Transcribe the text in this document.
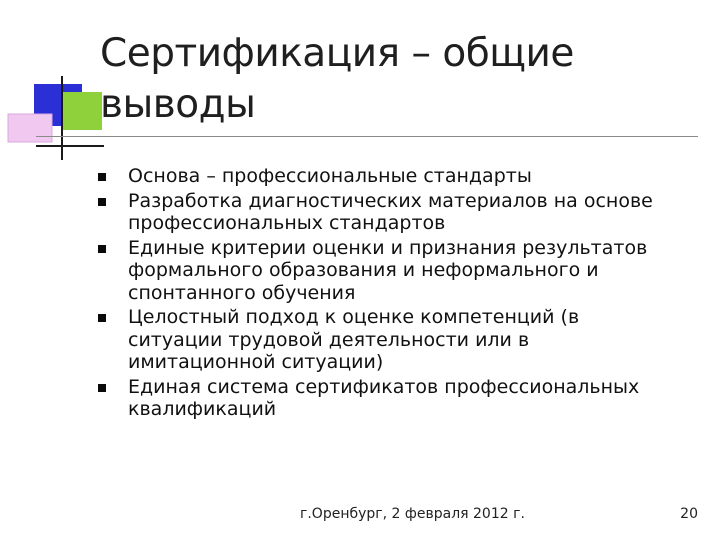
Сертификация – общие
выводы
Основа – профессиональные стандарты
Разработка диагностических материалов на основе
профессиональных стандартов
Единые критерии оценки и признания результатов
формального образования и неформального и
спонтанного обучения
Целостный подход к оценке компетенций (в
ситуации трудовой деятельности или в
имитационной ситуации)
Единая система сертификатов профессиональных
квалификаций
г.Оренбург, 2 февраля 2012 г.	20
